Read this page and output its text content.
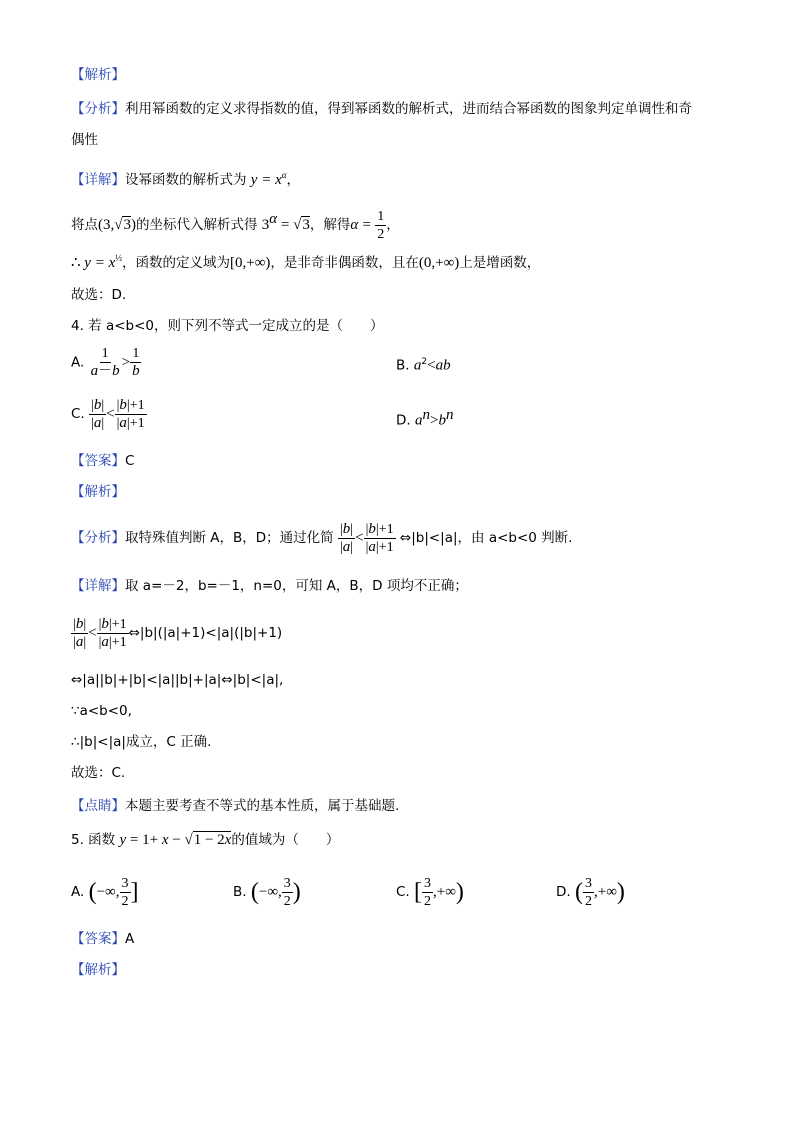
【解析】
【分析】利用幂函数的定义求得指数的值，得到幂函数的解析式，进而结合幂函数的图象判定单调性和奇
偶性
【详解】设幂函数的解析式为 $y = x^\alpha$，
将点(3,√3)的坐标代入解析式得 $3^\alpha = √3$，解得$\alpha = \frac{1}{2}$ ，
∴ $y = x^{\frac{1}{2}}$，函数的定义域为[0,+∞)，是非奇非偶函数，且在(0,+∞)上是增函数，
故选：D.
4. 若 a<b<0，则下列不等式一定成立的是（　　）
A. $\frac{1}{a-b} > \frac{1}{b}$	B. $a^2<ab$
C. $\frac{|b|}{|a|} < \frac{|b|+1}{|a|+1}$	D. $a^n>b^n$
【答案】C
【解析】
【分析】取特殊值判断 A，B，D；通过化简 $\frac{|b|}{|a|} < \frac{|b|+1}{|a|+1}$ ⇔|b|<|a|，由 a<b<0 判断.
【详解】取 a=－2，b=－1，n=0，可知 A，B，D 项均不正确；
$\frac{|b|}{|a|} < \frac{|b|+1}{|a|+1}$ ⇔|b|(|a|+1)<|a|(|b|+1)
⇔|a||b|+|b|<|a||b|+|a|⇔|b|<|a|,
∵a<b<0,
∴|b|<|a|成立，C 正确.
故选：C.
【点睛】本题主要考查不等式的基本性质，属于基础题.
5. 函数 y = 1+ x − √1 − 2x的值域为（　　）
A. (−∞, $\frac{3}{2}$ ]	B. (−∞, $\frac{3}{2}$ )	C. [ $\frac{3}{2}$ ,+∞)	D. ( $\frac{3}{2}$ ,+∞)
【答案】A
【解析】
